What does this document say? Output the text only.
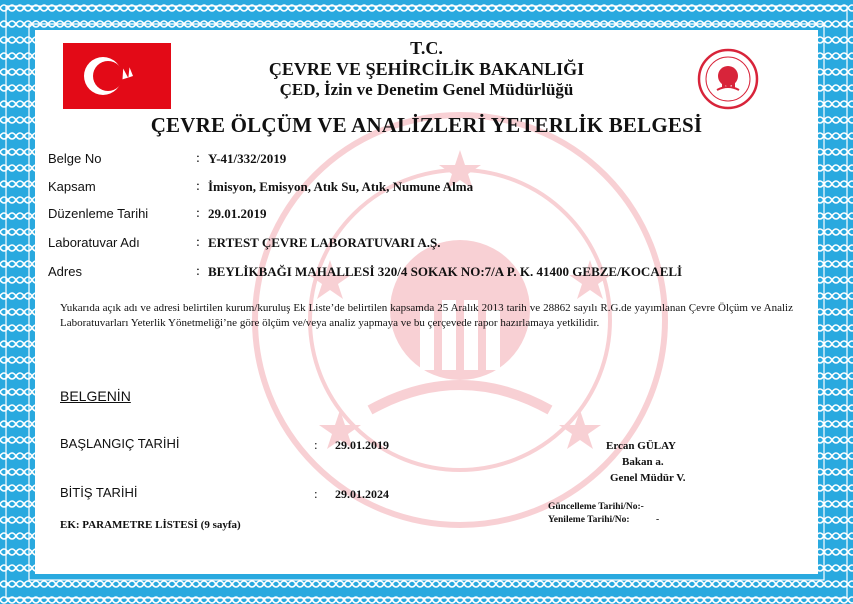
T.C.
ÇEVRE VE ŞEHİRCİLİK BAKANLIĞI
ÇED, İzin ve Denetim Genel Müdürlüğü
ÇEVRE ÖLÇÜM VE ANALİZLERİ YETERLİK BELGESİ
Belge No	: Y-41/332/2019
Kapsam	: İmisyon, Emisyon, Atık Su, Atık, Numune Alma
Düzenleme Tarihi	: 29.01.2019
Laboratuvar Adı	: ERTEST ÇEVRE LABORATUVARI A.Ş.
Adres	: BEYLİKBAĞI MAHALLESİ 320/4 SOKAK NO:7/A P. K. 41400 GEBZE/KOCAELİ
Yukarıda açık adı ve adresi belirtilen kurum/kuruluş Ek Liste’de belirtilen kapsamda 25 Aralık 2013 tarih ve 28862 sayılı R.G.de yayımlanan Çevre Ölçüm ve Analiz Laboratuvarları Yeterlik Yönetmeliği’ne göre ölçüm ve/veya analiz yapmaya ve bu çerçevede rapor hazırlamaya yetkilidir.
BELGENİN
BAŞLANGIÇ TARİHİ	: 29.01.2019
BİTİŞ TARİHİ	: 29.01.2024
Ercan GÜLAY
Bakan a.
Genel Müdür V.
Güncelleme Tarihi/No:-
Yenileme Tarihi/No:	-
EK: PARAMETRE LİSTESİ (9 sayfa)
